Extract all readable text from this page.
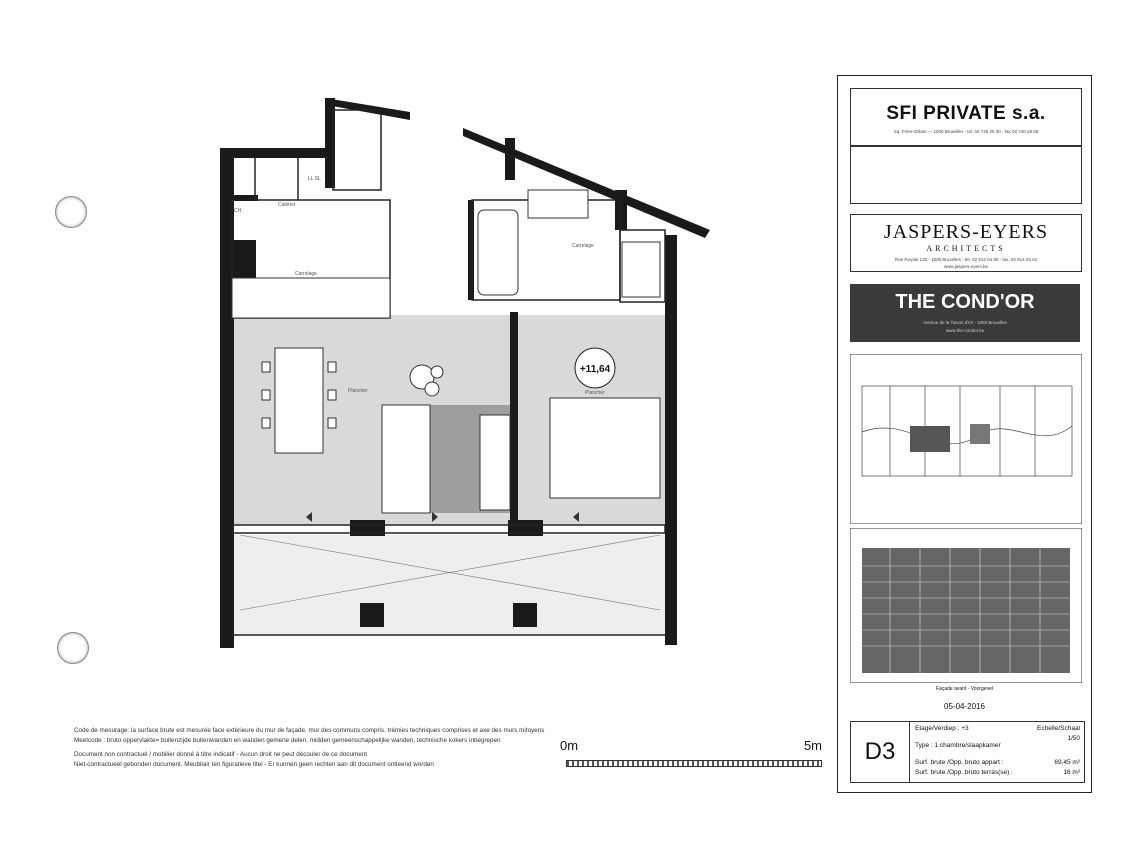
+11,64
Plancher	Plancher
Cabinet
Carrelage
Carrelage
CH.
LL SL
Code de mesurage: la surface brute est mesurée face extérieure du mur de façade, mur des communs compris, trémies techniques comprises et axe des murs mitoyens
Meetcode : bruto oppervlakte= buitenzijde buitenwanden en wanden gemene delen, midden gemeenschappelijke wanden, technische kokers inbegrepen
Document non contractuel / mobilier donné à titre indicatif - Aucun droit ne peut découler de ce document
Niet-contractueel gebonden document. Meubilair ten figuratieve titel - Er kunnen geen rechten aan dit document ontleend worden
0m	5m
SFI PRIVATE s.a.
Sq. Frère-Orban — 1000 Bruxelles - tel. 02 740 29 30 - fax 02 740 29 59
JASPERS-EYERS
ARCHITECTS
Rue Royale 130 - 1000 Bruxelles - tel. 02 512 04 80 - fax. 02 514 04 02
www.jaspers-eyers.be
THE COND'OR
Avenue de la Toison d'Or - 1050 Bruxelles
www.the-condor.be
Façade avant - Voorgevel
05-04-2016
D3
Etage/Verdiep : +3	Echelle/Schaal
1/50
Type : 1 chambre/slaapkamer
Surf. brute /Opp. bruto appart :	69,45 m²
Surf. brute /Opp. bruto terras(se) :	16 m²
